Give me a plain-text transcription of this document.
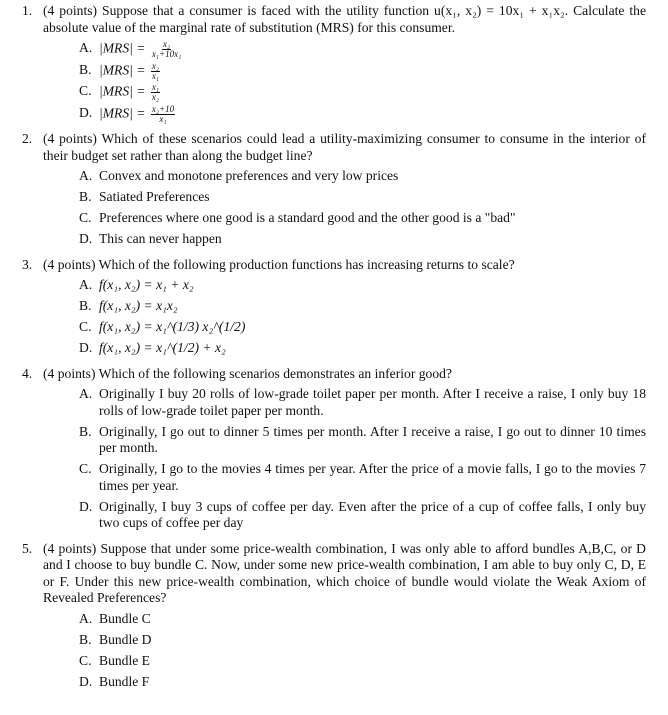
1. (4 points) Suppose that a consumer is faced with the utility function u(x₁, x₂) = 10x₁ + x₁x₂. Calculate the absolute value of the marginal rate of substitution (MRS) for this consumer.
A. $|MRS| = \frac{\text{x₂}}{\text{x₁+10x₁}}$
B. $|MRS| = \frac{\text{x₂}}{\text{x₁}}$
C. $|MRS| = \frac{\text{x₁}}{\text{x₂}}$
D. $|MRS| = \frac{\text{x₂+10}}{\text{x₁}}$
2. (4 points) Which of these scenarios could lead a utility-maximizing consumer to consume in the interior of their budget set rather than along the budget line?
A. Convex and monotone preferences and very low prices
B. Satiated Preferences
C. Preferences where one good is a standard good and the other good is a "bad"
D. This can never happen
3. (4 points) Which of the following production functions has increasing returns to scale?
A. f(x₁, x₂) = x₁ + x₂
B. f(x₁, x₂) = x₁x₂
C. f(x₁, x₂) = x₁^(1/3) x₂^(1/2)
D. f(x₁, x₂) = x₁^(1/2) + x₂
4. (4 points) Which of the following scenarios demonstrates an inferior good?
A. Originally I buy 20 rolls of low-grade toilet paper per month. After I receive a raise, I only buy 18 rolls of low-grade toilet paper per month.
B. Originally, I go out to dinner 5 times per month. After I receive a raise, I go out to dinner 10 times per month.
C. Originally, I go to the movies 4 times per year. After the price of a movie falls, I go to the movies 7 times per year.
D. Originally, I buy 3 cups of coffee per day. Even after the price of a cup of coffee falls, I only buy two cups of coffee per day
5. (4 points) Suppose that under some price-wealth combination, I was only able to afford bundles A,B,C, or D and I choose to buy bundle C. Now, under some new price-wealth combination, I am able to buy only C, D, E or F. Under this new price-wealth combination, which choice of bundle would violate the Weak Axiom of Revealed Preferences?
A. Bundle C
B. Bundle D
C. Bundle E
D. Bundle F
